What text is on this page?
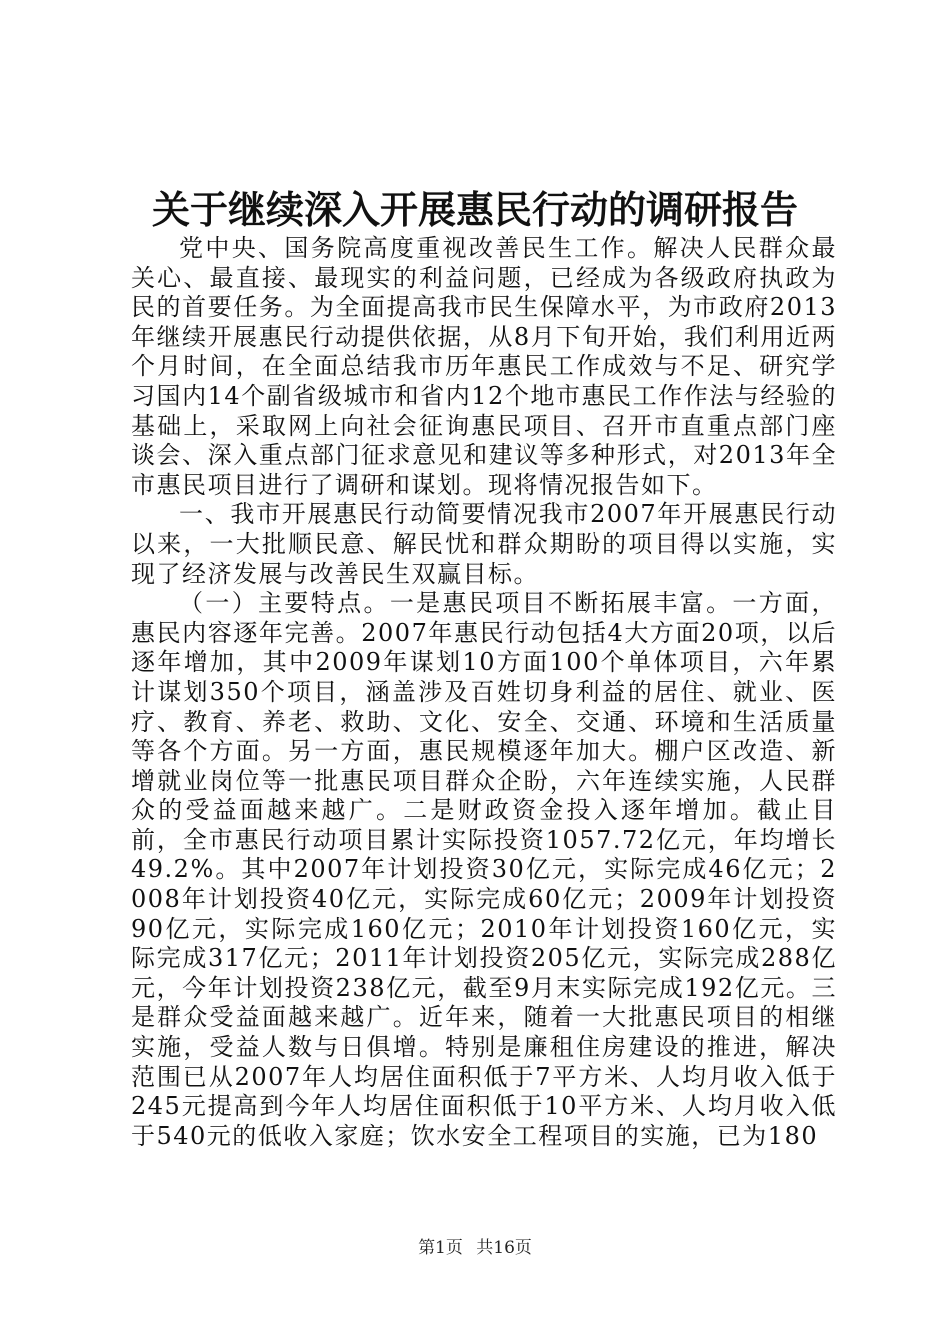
关于继续深入开展惠民行动的调研报告

党中央、国务院高度重视改善民生工作。解决人民群众最关心、最直接、最现实的利益问题，已经成为各级政府执政为民的首要任务。为全面提高我市民生保障水平，为市政府2013年继续开展惠民行动提供依据，从8月下旬开始，我们利用近两个月时间，在全面总结我市历年惠民工作成效与不足、研究学习国内14个副省级城市和省内12个地市惠民工作作法与经验的基础上，采取网上向社会征询惠民项目、召开市直重点部门座谈会、深入重点部门征求意见和建议等多种形式，对2013年全市惠民项目进行了调研和谋划。现将情况报告如下。

一、我市开展惠民行动简要情况我市2007年开展惠民行动以来，一大批顺民意、解民忧和群众期盼的项目得以实施，实现了经济发展与改善民生双赢目标。

（一）主要特点。一是惠民项目不断拓展丰富。一方面，惠民内容逐年完善。2007年惠民行动包括4大方面20项，以后逐年增加，其中2009年谋划10方面100个单体项目，六年累计谋划350个项目，涵盖涉及百姓切身利益的居住、就业、医疗、教育、养老、救助、文化、安全、交通、环境和生活质量等各个方面。另一方面，惠民规模逐年加大。棚户区改造、新增就业岗位等一批惠民项目群众企盼，六年连续实施，人民群众的受益面越来越广。二是财政资金投入逐年增加。截止目前，全市惠民行动项目累计实际投资1057.72亿元，年均增长49.2%。其中2007年计划投资30亿元，实际完成46亿元；2008年计划投资40亿元，实际完成60亿元；2009年计划投资90亿元，实际完成160亿元；2010年计划投资160亿元，实际完成317亿元；2011年计划投资205亿元，实际完成288亿元，今年计划投资238亿元，截至9月末实际完成192亿元。三是群众受益面越来越广。近年来，随着一大批惠民项目的相继实施，受益人数与日俱增。特别是廉租住房建设的推进，解决范围已从2007年人均居住面积低于7平方米、人均月收入低于245元提高到今年人均居住面积低于10平方米、人均月收入低于540元的低收入家庭；饮水安全工程项目的实施，已为180

第1页 共16页
